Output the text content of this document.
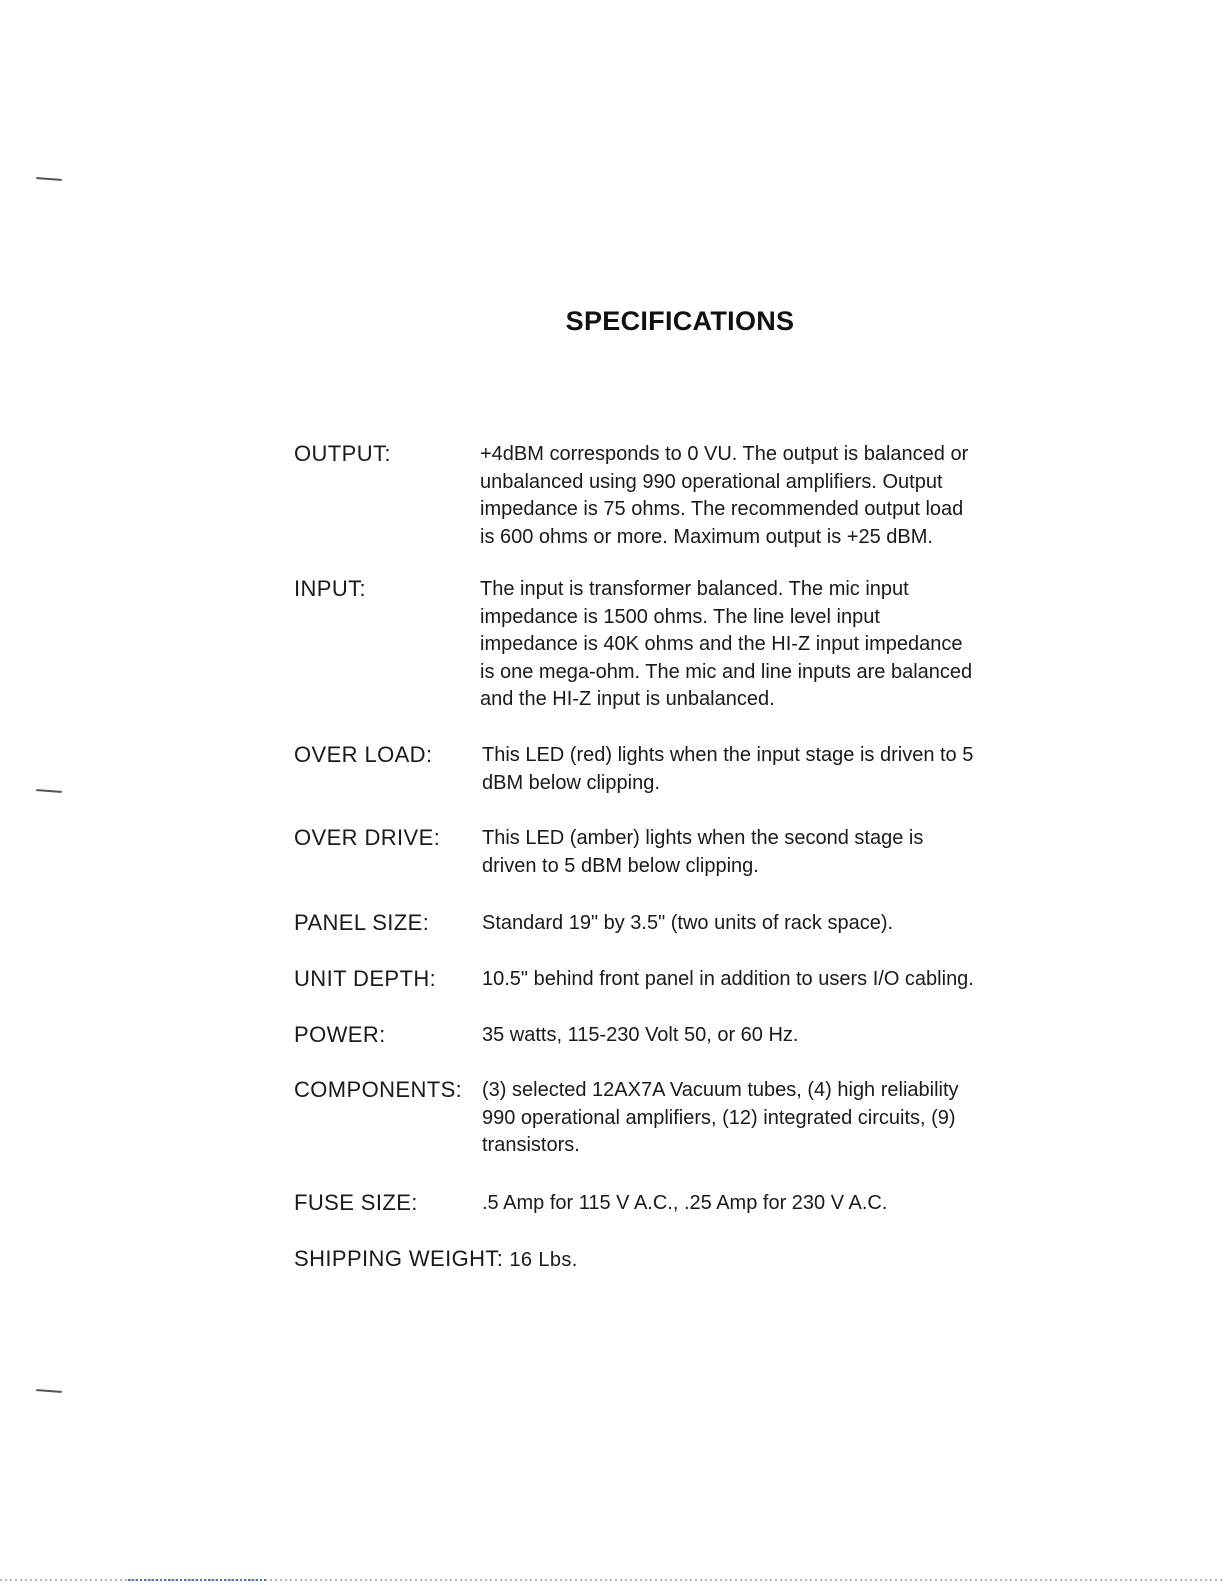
SPECIFICATIONS
OUTPUT:	+4dBM corresponds to 0 VU. The output is balanced or
unbalanced using 990 operational amplifiers. Output
impedance is 75 ohms. The recommended output load
is 600 ohms or more. Maximum output is +25 dBM.
INPUT:	The input is transformer balanced. The mic input
impedance is 1500 ohms. The line level input
impedance is 40K ohms and the HI-Z input impedance
is one mega-ohm. The mic and line inputs are balanced
and the HI-Z input is unbalanced.
OVER LOAD: This LED (red) lights when the input stage is driven to 5
dBM below clipping.
OVER DRIVE: This LED (amber) lights when the second stage is
driven to 5 dBM below clipping.
PANEL SIZE:	Standard 19" by 3.5" (two units of rack space).
UNIT DEPTH: 10.5" behind front panel in addition to users I/O cabling.
POWER:	35 watts, 115-230 Volt 50, or 60 Hz.
COMPONENTS: (3) selected 12AX7A Vacuum tubes, (4) high reliability
990 operational amplifiers, (12) integrated circuits, (9)
transistors.
FUSE SIZE:	.5 Amp for 115 V A.C., .25 Amp for 230 V A.C.
SHIPPING WEIGHT: 16 Lbs.
